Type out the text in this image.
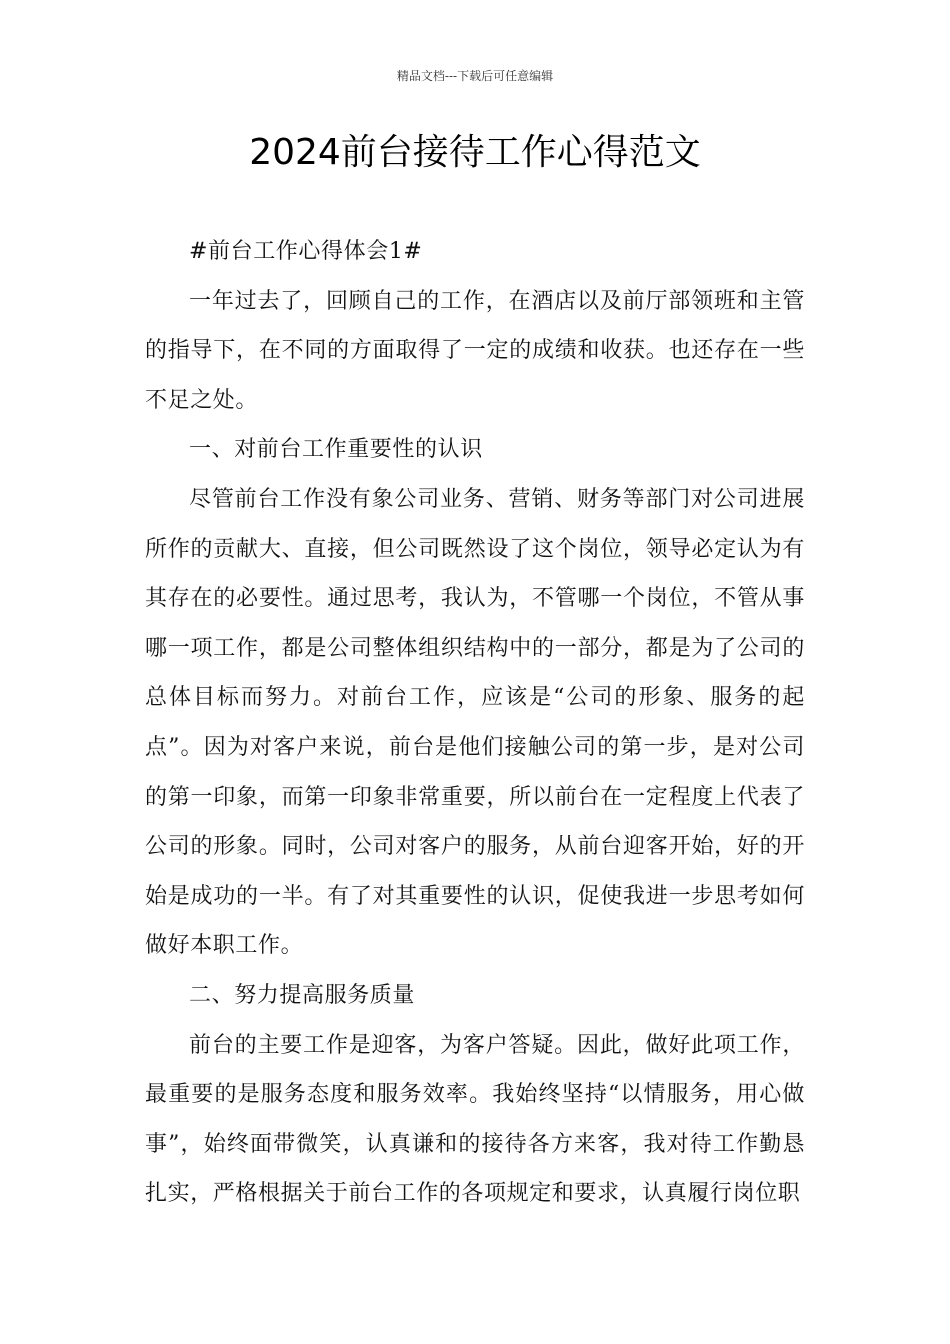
精品文档---下载后可任意编辑
2024前台接待工作心得范文

#前台工作心得体会1#

一年过去了，回顾自己的工作，在酒店以及前厅部领班和主管的指导下，在不同的方面取得了一定的成绩和收获。也还存在一些不足之处。

一、对前台工作重要性的认识

尽管前台工作没有象公司业务、营销、财务等部门对公司进展所作的贡献大、直接，但公司既然设了这个岗位，领导必定认为有其存在的必要性。通过思考，我认为，不管哪一个岗位，不管从事哪一项工作，都是公司整体组织结构中的一部分，都是为了公司的总体目标而努力。对前台工作，应该是“公司的形象、服务的起点”。因为对客户来说，前台是他们接触公司的第一步，是对公司的第一印象，而第一印象非常重要，所以前台在一定程度上代表了公司的形象。同时，公司对客户的服务，从前台迎客开始，好的开始是成功的一半。有了对其重要性的认识，促使我进一步思考如何做好本职工作。

二、努力提高服务质量

前台的主要工作是迎客，为客户答疑。因此，做好此项工作，最重要的是服务态度和服务效率。我始终坚持“以情服务，用心做事”，始终面带微笑，认真谦和的接待各方来客，我对待工作勤恳扎实，严格根据关于前台工作的各项规定和要求，认真履行岗位职
